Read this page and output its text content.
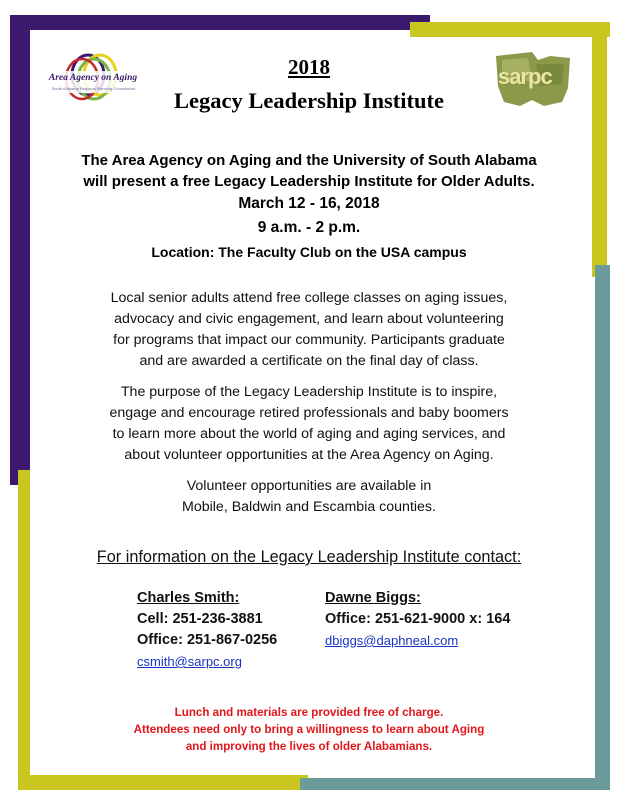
Area Agency on Aging
South Alabama Regional Planning Commission	sarpc
2018
Legacy Leadership Institute
The Area Agency on Aging and the University of South Alabama
will present a free Legacy Leadership Institute for Older Adults.
March 12 - 16, 2018
9 a.m. - 2 p.m.
Location: The Faculty Club on the USA campus
Local senior adults attend free college classes on aging issues,
advocacy and civic engagement, and learn about volunteering
for programs that impact our community. Participants graduate
and are awarded a certificate on the final day of class.
The purpose of the Legacy Leadership Institute is to inspire,
engage and encourage retired professionals and baby boomers
to learn more about the world of aging and aging services, and
about volunteer opportunities at the Area Agency on Aging.
Volunteer opportunities are available in
Mobile, Baldwin and Escambia counties.
For information on the Legacy Leadership Institute contact:
Charles Smith:
Cell: 251-236-3881
Office: 251-867-0256
csmith@sarpc.org
Dawne Biggs:
Office: 251-621-9000 x: 164
dbiggs@daphneal.com
Lunch and materials are provided free of charge.
Attendees need only to bring a willingness to learn about Aging
and improving the lives of older Alabamians.
